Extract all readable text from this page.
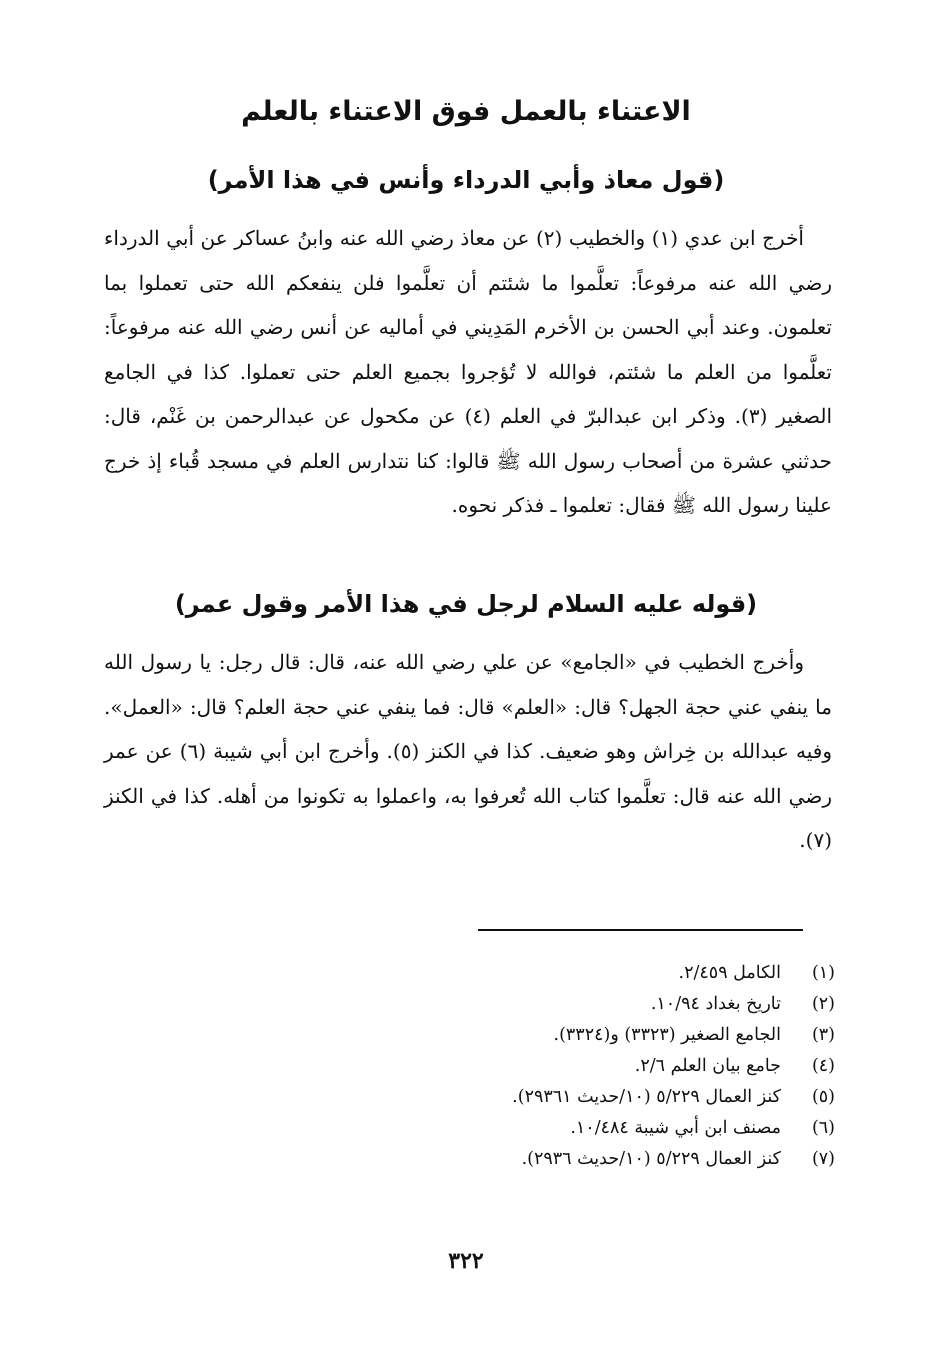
الاعتناء بالعمل فوق الاعتناء بالعلم
(قول معاذ وأبي الدرداء وأنس في هذا الأمر)

أخرج ابن عدي (١) والخطيب (٢) عن معاذ رضي الله عنه وابنُ عساكر عن أبي الدرداء رضي الله عنه مرفوعاً: تعلَّموا ما شئتم أن تعلَّموا فلن ينفعكم الله حتى تعملوا بما تعلمون. وعند أبي الحسن بن الأخرم المَدِيني في أماليه عن أنس رضي الله عنه مرفوعاً: تعلَّموا من العلم ما شئتم، فوالله لا تُؤجروا بجميع العلم حتى تعملوا. كذا في الجامع الصغير (٣). وذكر ابن عبدالبرّ في العلم (٤) عن مكحول عن عبدالرحمن بن غَنْم، قال: حدثني عشرة من أصحاب رسول الله ﷺ قالوا: كنا نتدارس العلم في مسجد قُباء إذ خرج علينا رسول الله ﷺ فقال: تعلموا ـ فذكر نحوه.

(قوله عليه السلام لرجل في هذا الأمر وقول عمر)

وأخرج الخطيب في «الجامع» عن علي رضي الله عنه، قال: قال رجل: يا رسول الله ما ينفي عني حجة الجهل؟ قال: «العلم» قال: فما ينفي عني حجة العلم؟ قال: «العمل». وفيه عبدالله بن خِراش وهو ضعيف. كذا في الكنز (٥). وأخرج ابن أبي شيبة (٦) عن عمر رضي الله عنه قال: تعلَّموا كتاب الله تُعرفوا به، واعملوا به تكونوا من أهله. كذا في الكنز (٧).

(١)
الكامل ٢/٤٥٩.
(٢)
تاريخ بغداد ١٠/٩٤.
(٣)
الجامع الصغير (٣٣٢٣) و(٣٣٢٤).
(٤)
جامع بيان العلم ٢/٦.
(٥)
كنز العمال ٥/٢٢٩ (١٠/حديث ٢٩٣٦١).
(٦)
مصنف ابن أبي شيبة ١٠/٤٨٤.
(٧)
كنز العمال ٥/٢٢٩ (١٠/حديث ٢٩٣٦).
٣٢٢
